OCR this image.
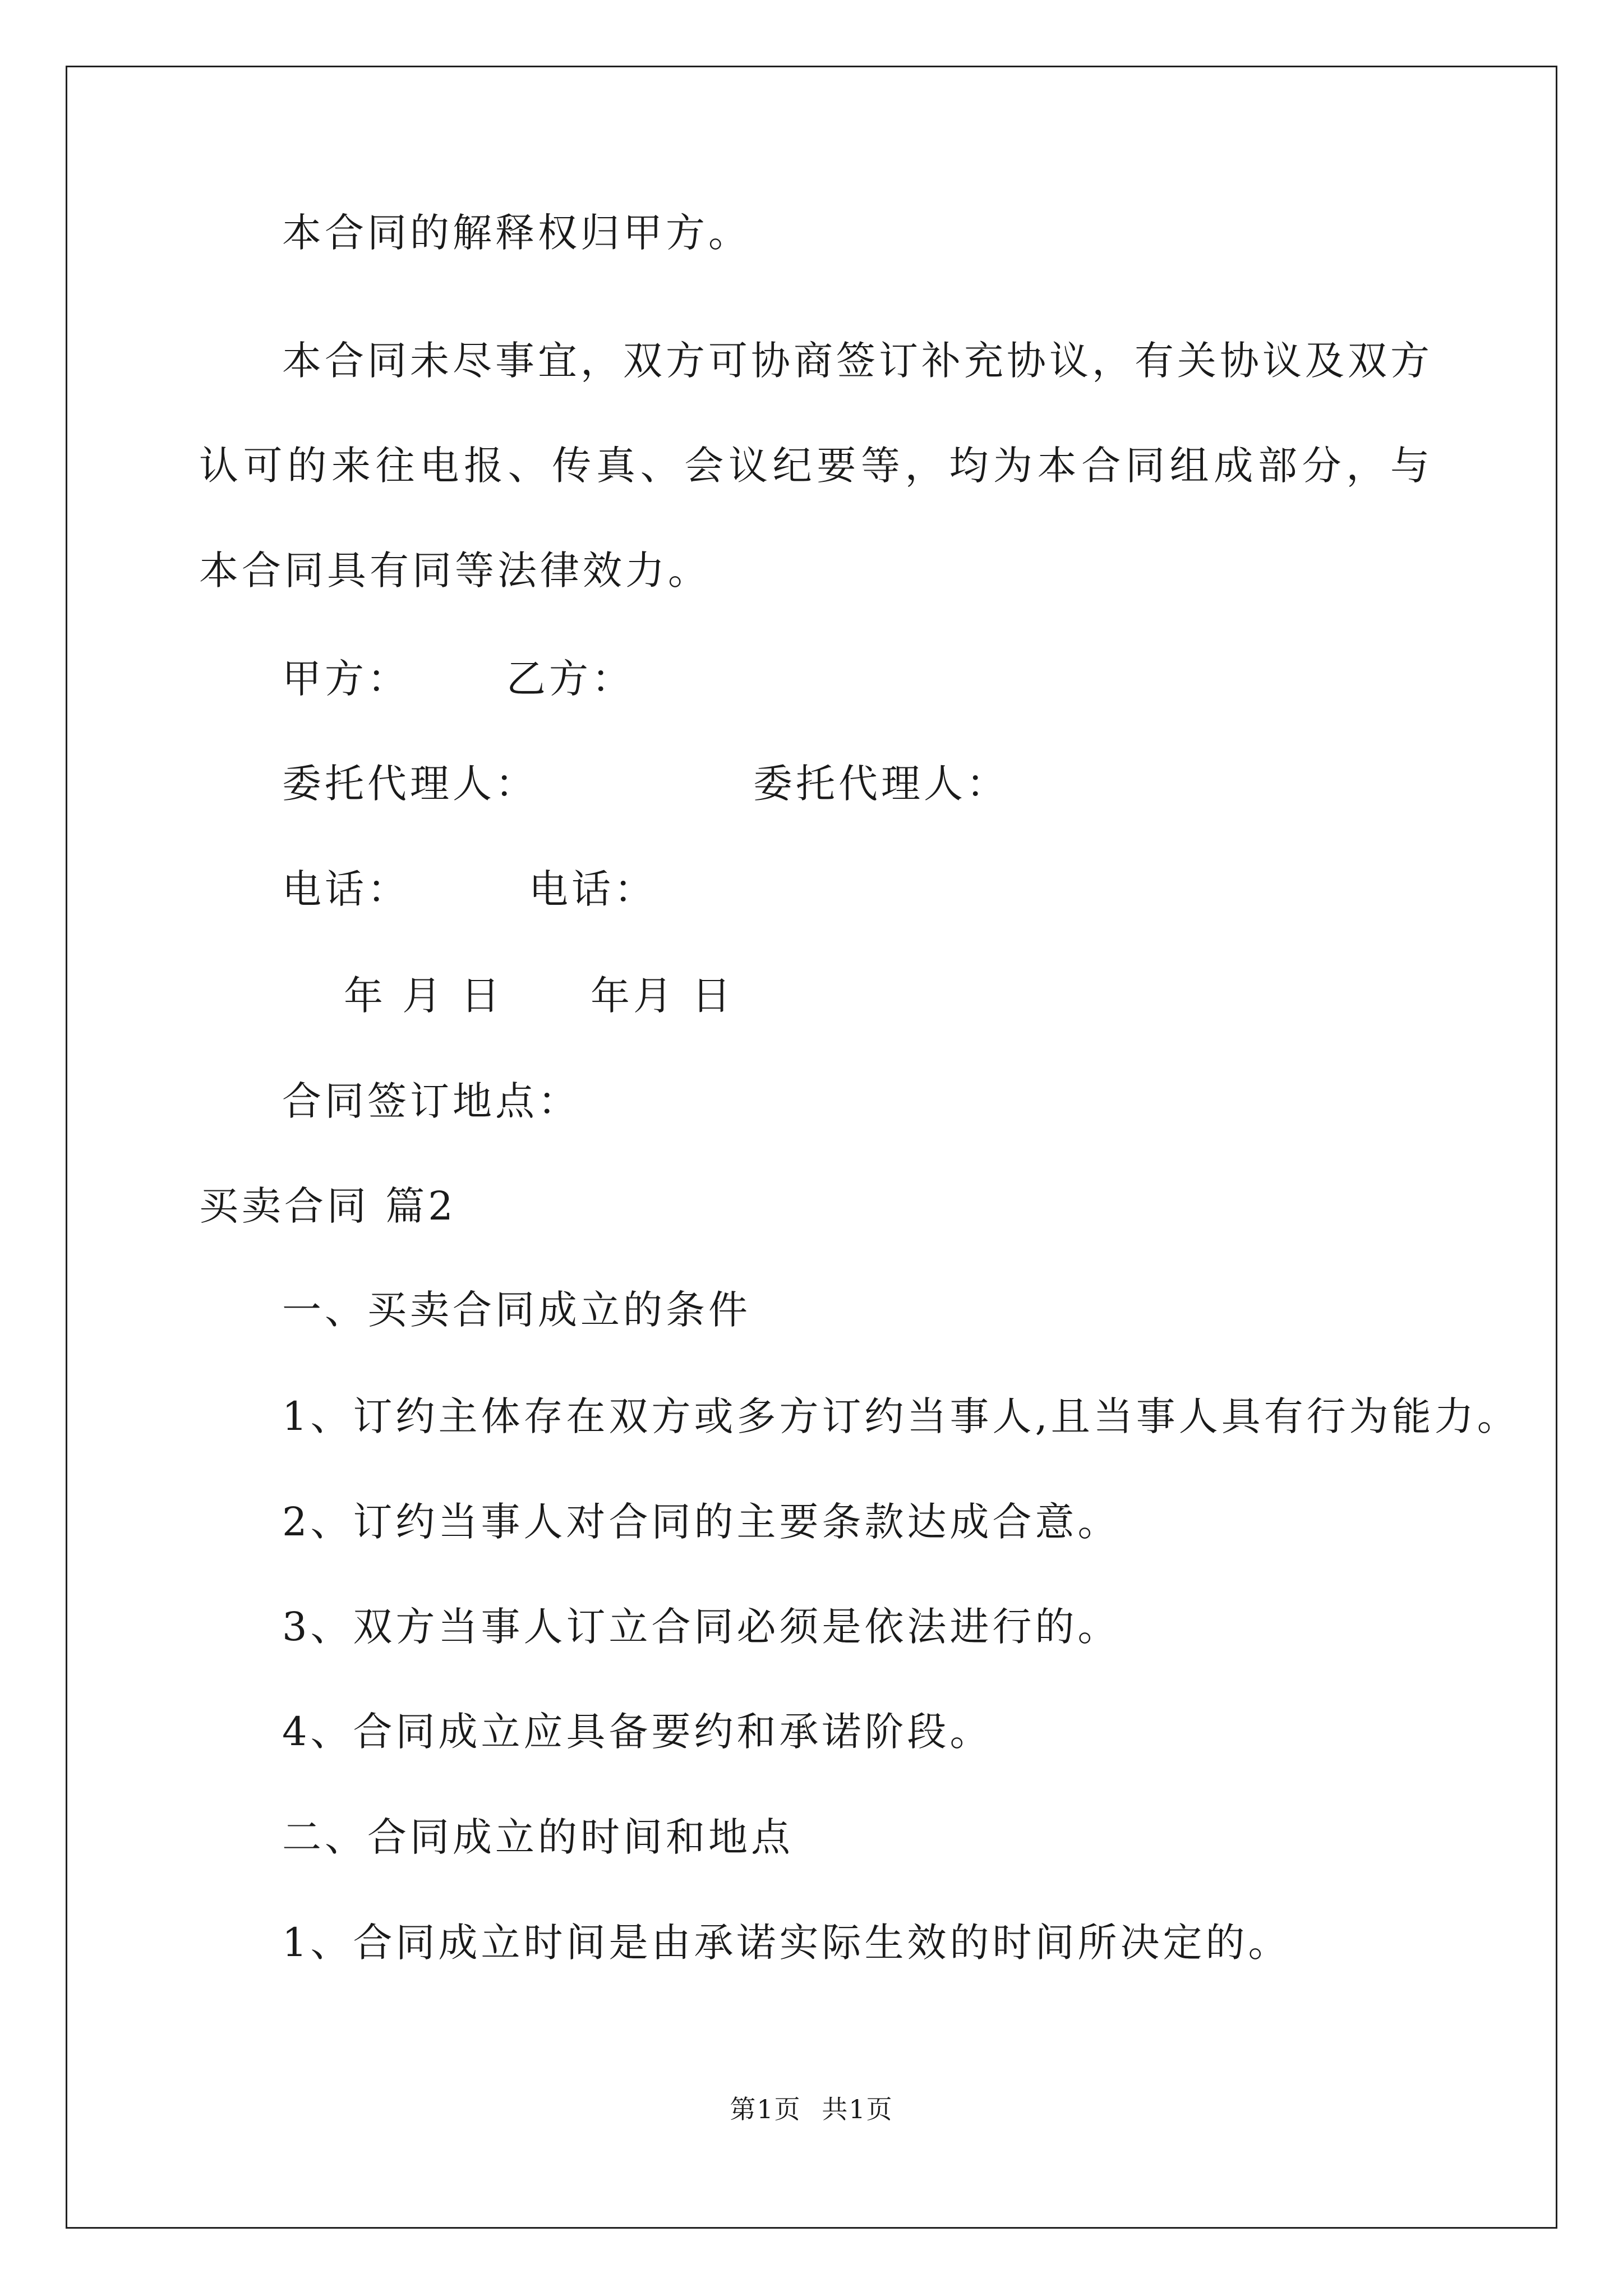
本合同的解释权归甲方。
本合同未尽事宜，双方可协商签订补充协议，有关协议及双方认可的来往电报、传真、会议纪要等，均为本合同组成部分，与本合同具有同等法律效力。
甲方： 乙方：
委托代理人：	委托代理人：
电话：	电话：
年 月 日 年月 日
合同签订地点：
买卖合同 篇2
一、买卖合同成立的条件
1、订约主体存在双方或多方订约当事人,且当事人具有行为能力。
2、订约当事人对合同的主要条款达成合意。
3、双方当事人订立合同必须是依法进行的。
4、合同成立应具备要约和承诺阶段。
二、合同成立的时间和地点
1、合同成立时间是由承诺实际生效的时间所决定的。
第1页 共1页
